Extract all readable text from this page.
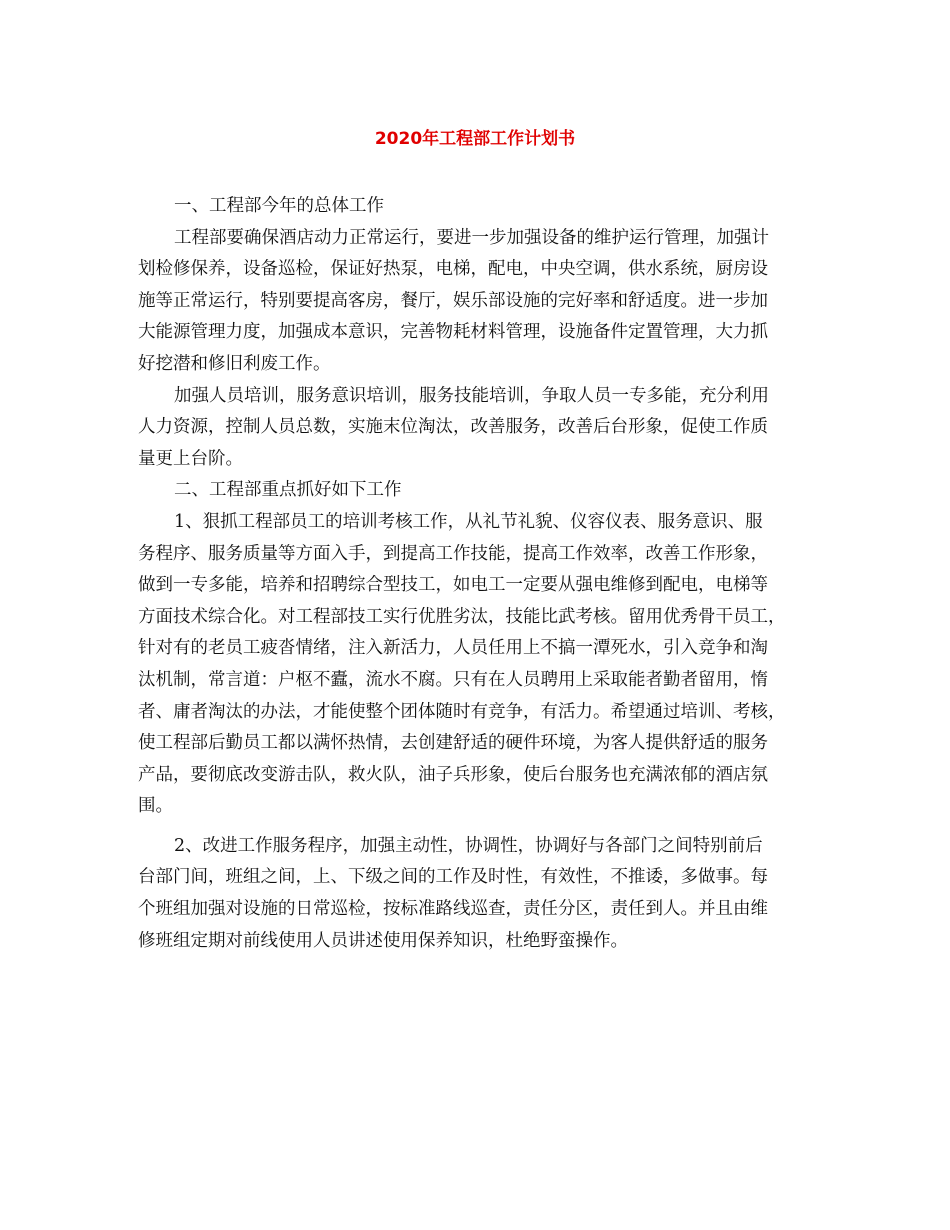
2020年工程部工作计划书
一、工程部今年的总体工作
工程部要确保酒店动力正常运行，要进一步加强设备的维护运行管理，加强计
划检修保养，设备巡检，保证好热泵，电梯，配电，中央空调，供水系统，厨房设
施等正常运行，特别要提高客房，餐厅，娱乐部设施的完好率和舒适度。进一步加
大能源管理力度，加强成本意识，完善物耗材料管理，设施备件定置管理，大力抓
好挖潜和修旧利废工作。
加强人员培训，服务意识培训，服务技能培训，争取人员一专多能，充分利用
人力资源，控制人员总数，实施末位淘汰，改善服务，改善后台形象，促使工作质
量更上台阶。
二、工程部重点抓好如下工作
1、狠抓工程部员工的培训考核工作，从礼节礼貌、仪容仪表、服务意识、服
务程序、服务质量等方面入手，到提高工作技能，提高工作效率，改善工作形象，
做到一专多能，培养和招聘综合型技工，如电工一定要从强电维修到配电，电梯等
方面技术综合化。对工程部技工实行优胜劣汰，技能比武考核。留用优秀骨干员工，
针对有的老员工疲沓情绪，注入新活力，人员任用上不搞一潭死水，引入竞争和淘
汰机制，常言道：户枢不蠹，流水不腐。只有在人员聘用上采取能者勤者留用，惰
者、庸者淘汰的办法，才能使整个团体随时有竞争，有活力。希望通过培训、考核，
使工程部后勤员工都以满怀热情，去创建舒适的硬件环境，为客人提供舒适的服务
产品，要彻底改变游击队，救火队，油子兵形象，使后台服务也充满浓郁的酒店氛
围。
2、改进工作服务程序，加强主动性，协调性，协调好与各部门之间特别前后
台部门间，班组之间，上、下级之间的工作及时性，有效性，不推诿，多做事。每
个班组加强对设施的日常巡检，按标准路线巡查，责任分区，责任到人。并且由维
修班组定期对前线使用人员讲述使用保养知识，杜绝野蛮操作。
